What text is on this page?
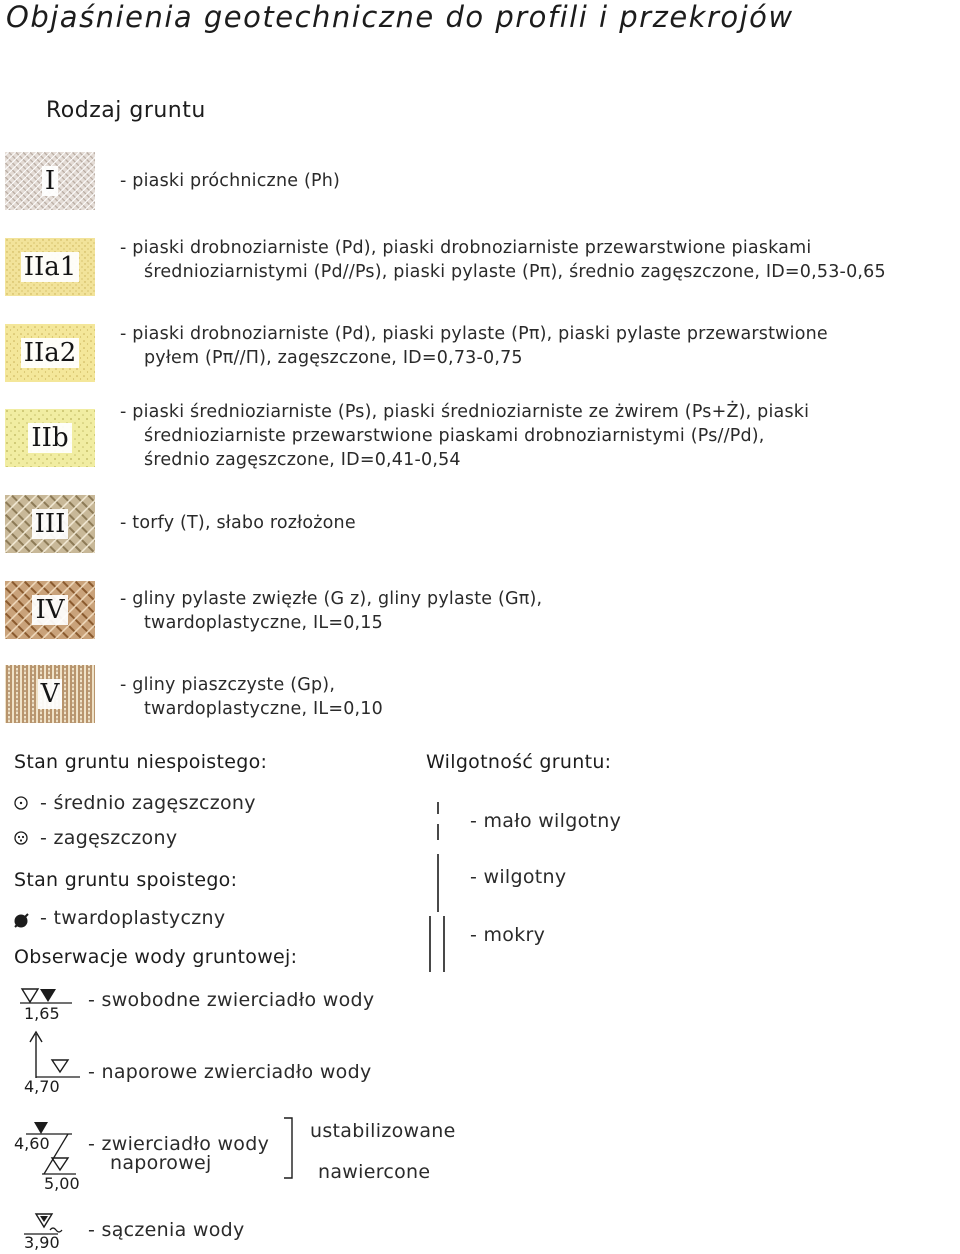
Objaśnienia geotechniczne do profili i przekrojów
Rodzaj gruntu
I	- piaski próchniczne (Ph)
IIa1
- piaski drobnoziarniste (Pd), piaski drobnoziarniste przewarstwione piaskami
średnioziarnistymi (Pd//Ps), piaski pylaste (Pπ), średnio zagęszczone, ID=0,53-0,65
IIa2
- piaski drobnoziarniste (Pd), piaski pylaste (Pπ), piaski pylaste przewarstwione
pyłem (Pπ//Π), zagęszczone, ID=0,73-0,75
IIb
- piaski średnioziarniste (Ps), piaski średnioziarniste ze żwirem (Ps+Ż), piaski
średnioziarniste przewarstwione piaskami drobnoziarnistymi (Ps//Pd),
średnio zagęszczone, ID=0,41-0,54
III	- torfy (T), słabo rozłożone
IV	- gliny pylaste zwięzłe (G z), gliny pylaste (Gπ),
twardoplastyczne, IL=0,15
V	- gliny piaszczyste (Gp),
twardoplastyczne, IL=0,10
Stan gruntu niespoistego:
- średnio zagęszczony
- zagęszczony
Stan gruntu spoistego:
- twardoplastyczny
Obserwacje wody gruntowej:
1,65
- swobodne zwierciadło wody
4,70
- naporowe zwierciadło wody
4,60
5,00
- zwierciadło wody
naporowej
ustabilizowane
nawiercone
3,90
- sączenia wody
Wilgotność gruntu:
- mało wilgotny
- wilgotny
- mokry
